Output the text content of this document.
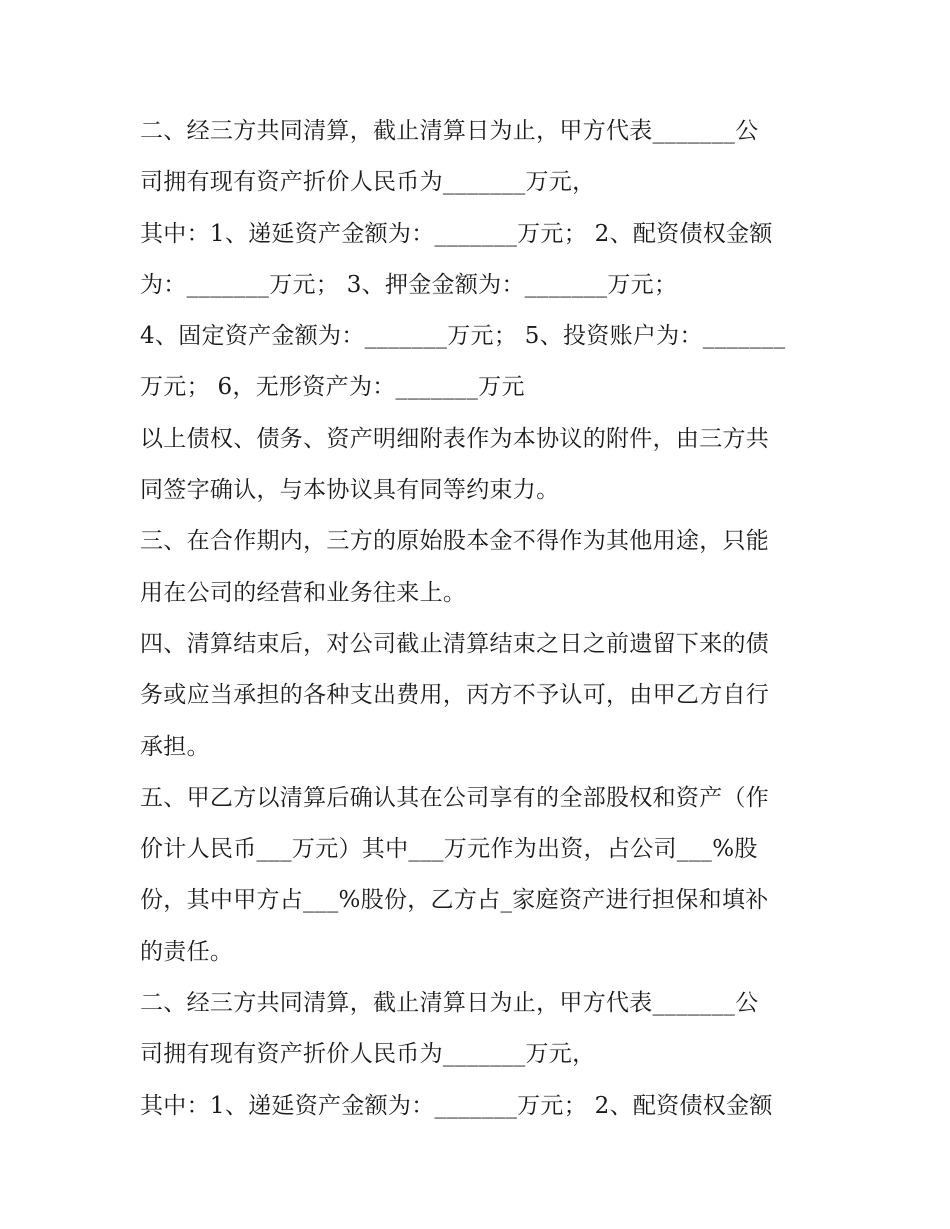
二、经三方共同清算，截止清算日为止，甲方代表_______公
司拥有现有资产折价人民币为_______万元，
其中：1、递延资产金额为：_______万元； 2、配资债权金额
为：_______万元； 3、押金金额为：_______万元；
4、固定资产金额为：_______万元； 5、投资账户为：_______
万元； 6，无形资产为：_______万元
以上债权、债务、资产明细附表作为本协议的附件，由三方共
同签字确认，与本协议具有同等约束力。
三、在合作期内，三方的原始股本金不得作为其他用途，只能
用在公司的经营和业务往来上。
四、清算结束后，对公司截止清算结束之日之前遗留下来的债
务或应当承担的各种支出费用，丙方不予认可，由甲乙方自行
承担。
五、甲乙方以清算后确认其在公司享有的全部股权和资产（作
价计人民币___万元）其中___万元作为出资，占公司___%股
份，其中甲方占___%股份，乙方占_家庭资产进行担保和填补
的责任。
二、经三方共同清算，截止清算日为止，甲方代表_______公
司拥有现有资产折价人民币为_______万元，
其中：1、递延资产金额为：_______万元； 2、配资债权金额
